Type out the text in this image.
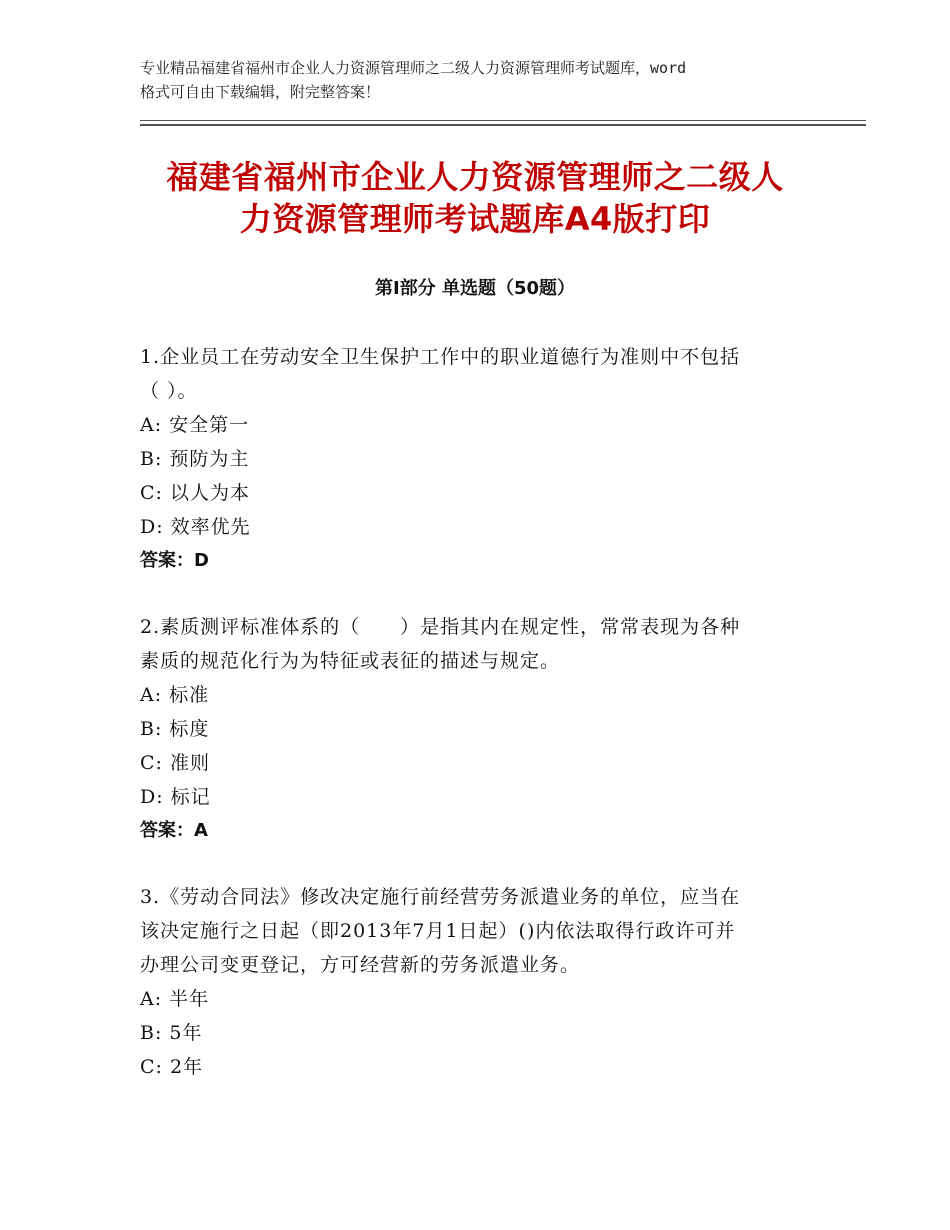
专业精品福建省福州市企业人力资源管理师之二级人力资源管理师考试题库，word
格式可自由下载编辑，附完整答案！
福建省福州市企业人力资源管理师之二级人
力资源管理师考试题库A4版打印
第Ⅰ部分 单选题（50题）
1.企业员工在劳动安全卫生保护工作中的职业道德行为准则中不包括
（ ）。
A: 安全第一
B: 预防为主
C: 以人为本
D: 效率优先
答案：D
2.素质测评标准体系的（　　）是指其内在规定性，常常表现为各种
素质的规范化行为为特征或表征的描述与规定。
A: 标准
B: 标度
C: 准则
D: 标记
答案：A
3.《劳动合同法》修改决定施行前经营劳务派遣业务的单位，应当在
该决定施行之日起（即2013年7月1日起）()内依法取得行政许可并
办理公司变更登记，方可经营新的劳务派遣业务。
A: 半年
B: 5年
C: 2年
